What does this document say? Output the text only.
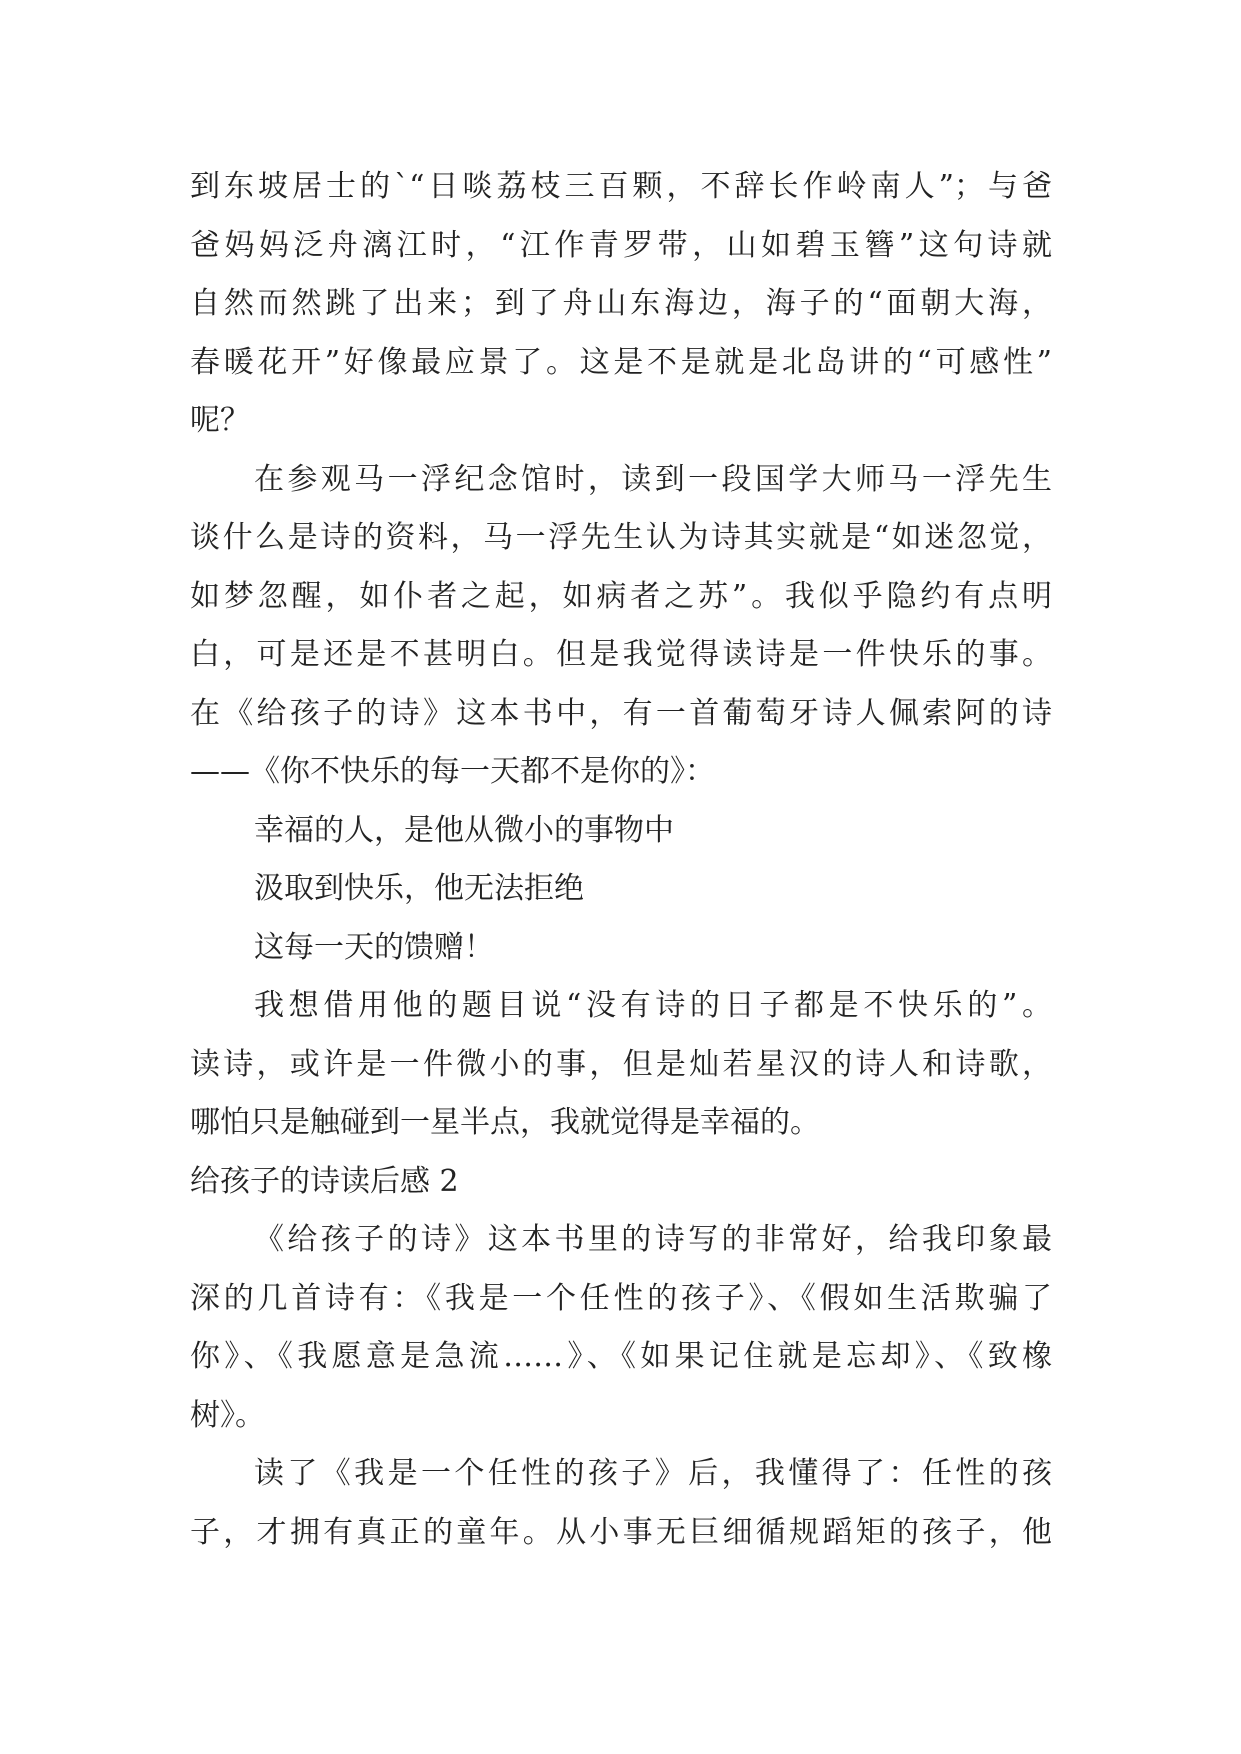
到东坡居士的`“日啖荔枝三百颗，不辞长作岭南人”；与爸
爸妈妈泛舟漓江时，“江作青罗带，山如碧玉簪”这句诗就
自然而然跳了出来；到了舟山东海边，海子的“面朝大海，
春暖花开”好像最应景了。这是不是就是北岛讲的“可感性”
呢？
在参观马一浮纪念馆时，读到一段国学大师马一浮先生
谈什么是诗的资料，马一浮先生认为诗其实就是“如迷忽觉，
如梦忽醒，如仆者之起，如病者之苏”。我似乎隐约有点明
白，可是还是不甚明白。但是我觉得读诗是一件快乐的事。
在《给孩子的诗》这本书中，有一首葡萄牙诗人佩索阿的诗
——《你不快乐的每一天都不是你的》：
幸福的人，是他从微小的事物中
汲取到快乐，他无法拒绝
这每一天的馈赠！
我想借用他的题目说“没有诗的日子都是不快乐的”。
读诗，或许是一件微小的事，但是灿若星汉的诗人和诗歌，
哪怕只是触碰到一星半点，我就觉得是幸福的。
给孩子的诗读后感 2
《给孩子的诗》这本书里的诗写的非常好，给我印象最
深的几首诗有：《我是一个任性的孩子》、《假如生活欺骗了
你》、《我愿意是急流……》、《如果记住就是忘却》、《致橡
树》。
读了《我是一个任性的孩子》后，我懂得了：任性的孩
子，才拥有真正的童年。从小事无巨细循规蹈矩的孩子，他
